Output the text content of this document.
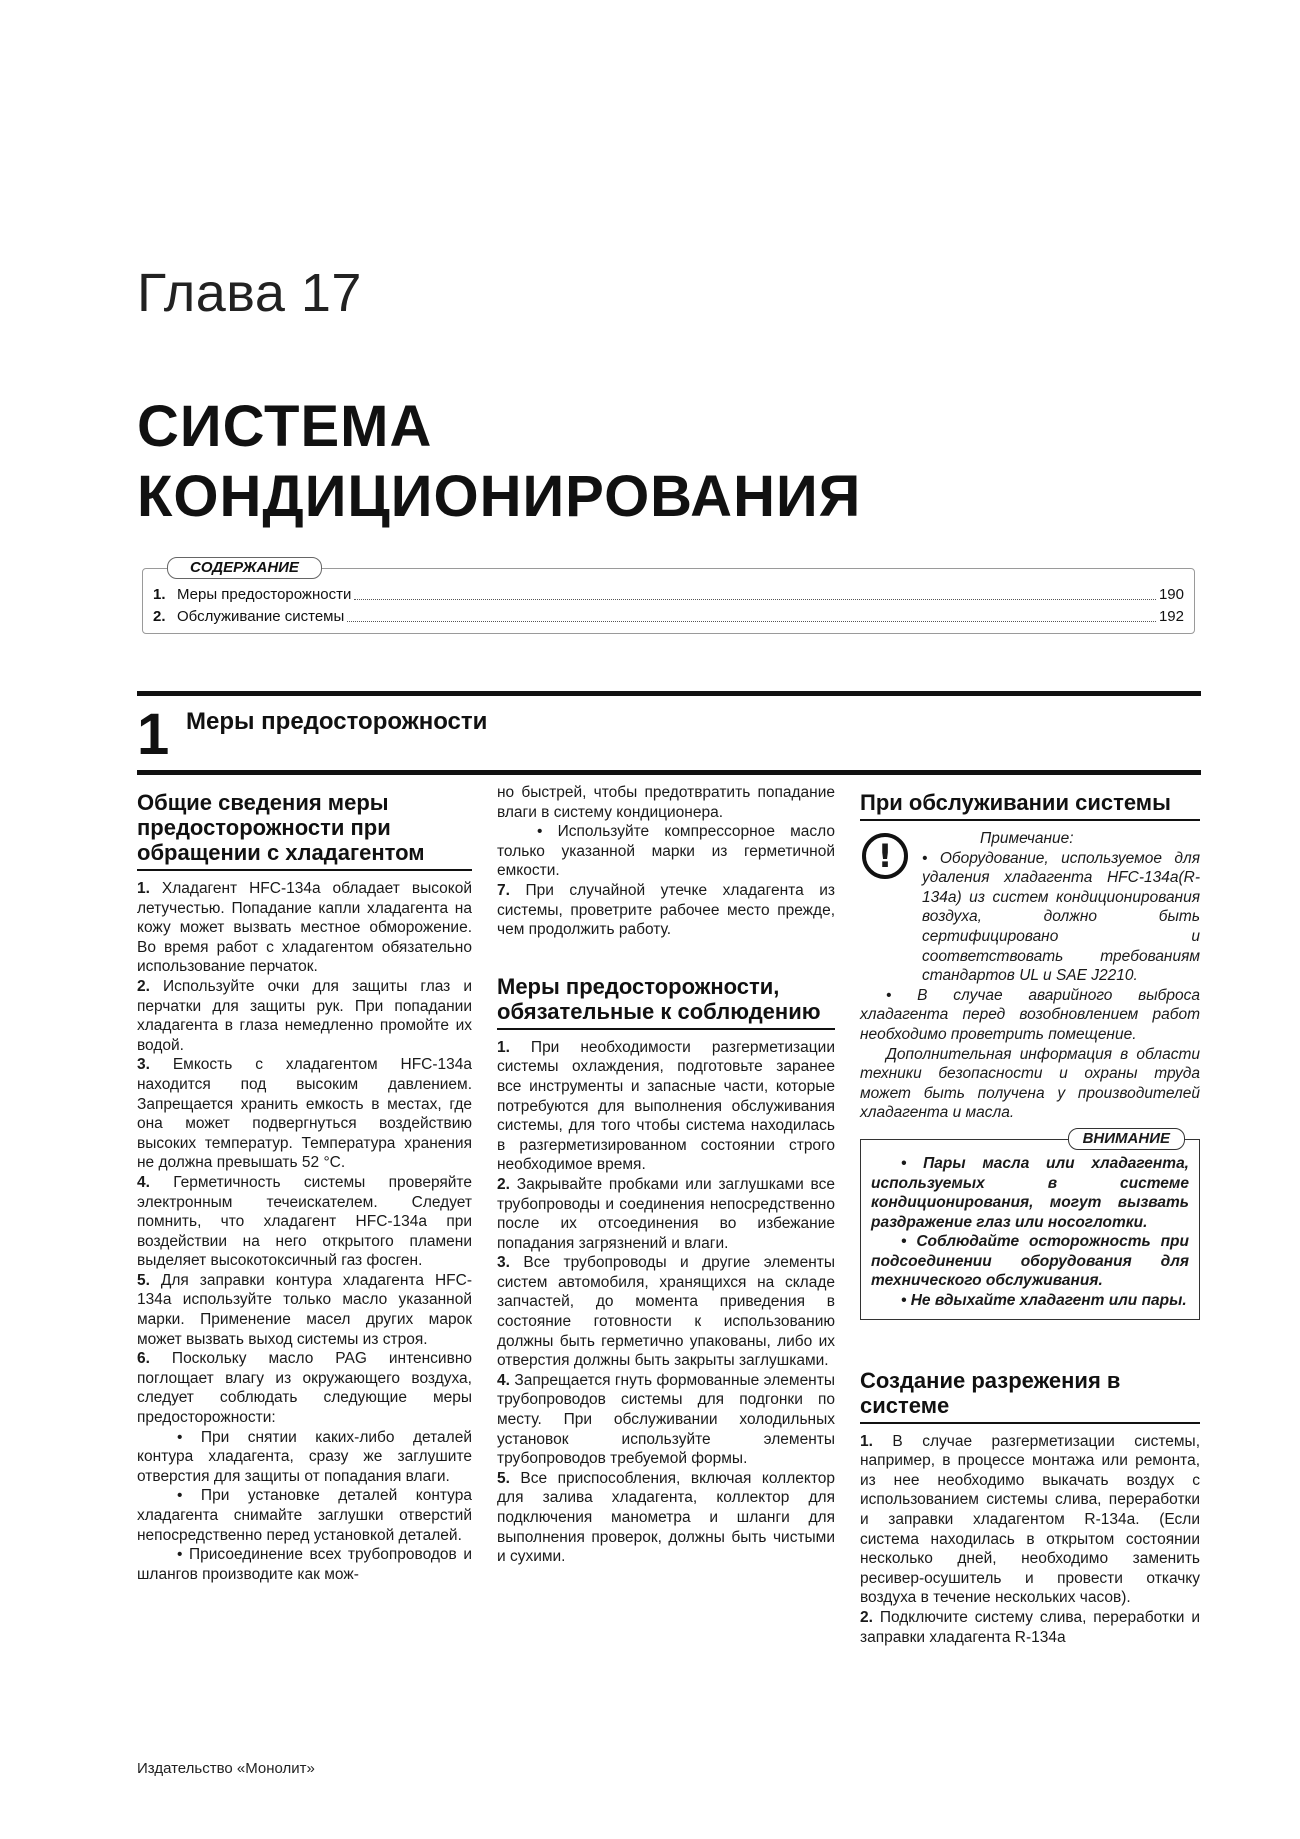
Глава 17
СИСТЕМА
КОНДИЦИОНИРОВАНИЯ
СОДЕРЖАНИЕ
1. Меры предосторожности	190
2. Обслуживание системы	192
1 Меры предосторожности
Общие сведения меры предосторожности при обращении с хладагентом

1. Хладагент HFC-134a обладает высокой летучестью. Попадание капли хладагента на кожу может вызвать местное обморожение. Во время работ с хладагентом обязательно использование перчаток.

2. Используйте очки для защиты глаз и перчатки для защиты рук. При попадании хладагента в глаза немедленно промойте их водой.

3. Емкость с хладагентом HFC-134a находится под высоким давлением. Запрещается хранить емкость в местах, где она может подвергнуться воздействию высоких температур. Температура хранения не должна превышать 52 °С.

4. Герметичность системы проверяйте электронным течеискателем. Следует помнить, что хладагент HFC-134a при воздействии на него открытого пламени выделяет высокотоксичный газ фосген.

5. Для заправки контура хладагента HFC-134a используйте только масло указанной марки. Применение масел других марок может вызвать выход системы из строя.

6. Поскольку масло PAG интенсивно поглощает влагу из окружающего воздуха, следует соблюдать следующие меры предосторожности:

• При снятии каких-либо деталей контура хладагента, сразу же заглушите отверстия для защиты от попадания влаги.

• При установке деталей контура хладагента снимайте заглушки отверстий непосредственно перед установкой деталей.

• Присоединение всех трубопроводов и шлангов производите как мож-

но быстрей, чтобы предотвратить попадание влаги в систему кондиционера.

• Используйте компрессорное масло только указанной марки из герметичной емкости.

7. При случайной утечке хладагента из системы, проветрите рабочее место прежде, чем продолжить работу.

Меры предосторожности, обязательные к соблюдению

1. При необходимости разгерметизации системы охлаждения, подготовьте заранее все инструменты и запасные части, которые потребуются для выполнения обслуживания системы, для того чтобы система находилась в разгерметизированном состоянии строго необходимое время.

2. Закрывайте пробками или заглушками все трубопроводы и соединения непосредственно после их отсоединения во избежание попадания загрязнений и влаги.

3. Все трубопроводы и другие элементы систем автомобиля, хранящихся на складе запчастей, до момента приведения в состояние готовности к использованию должны быть герметично упакованы, либо их отверстия должны быть закрыты заглушками.

4. Запрещается гнуть формованные элементы трубопроводов системы для подгонки по месту. При обслуживании холодильных установок используйте элементы трубопроводов требуемой формы.

5. Все приспособления, включая коллектор для залива хладагента, коллектор для подключения манометра и шланги для выполнения проверок, должны быть чистыми и сухими.

При обслуживании системы
!	Примечание:

• Оборудование, используемое для удаления хладагента HFC-134a(R-134a) из систем кондиционирования воздуха, должно быть сертифицировано и соответствовать требованиям стандартов UL и SAE J2210.

• В случае аварийного выброса хладагента перед возобновлением работ необходимо проветрить помещение.

Дополнительная информация в области техники безопасности и охраны труда может быть получена у производителей хладагента и масла.

ВНИМАНИЕ

• Пары масла или хладагента, используемых в системе кондиционирования, могут вызвать раздражение глаз или носоглотки.

• Соблюдайте осторожность при подсоединении оборудования для технического обслуживания.

• Не вдыхайте хладагент или пары.

Создание разрежения в системе

1. В случае разгерметизации системы, например, в процессе монтажа или ремонта, из нее необходимо выкачать воздух с использованием системы слива, переработки и заправки хладагентом R-134a. (Если система находилась в открытом состоянии несколько дней, необходимо заменить ресивер-осушитель и провести откачку воздуха в течение нескольких часов).

2. Подключите систему слива, переработки и заправки хладагента R-134a

Издательство «Монолит»
